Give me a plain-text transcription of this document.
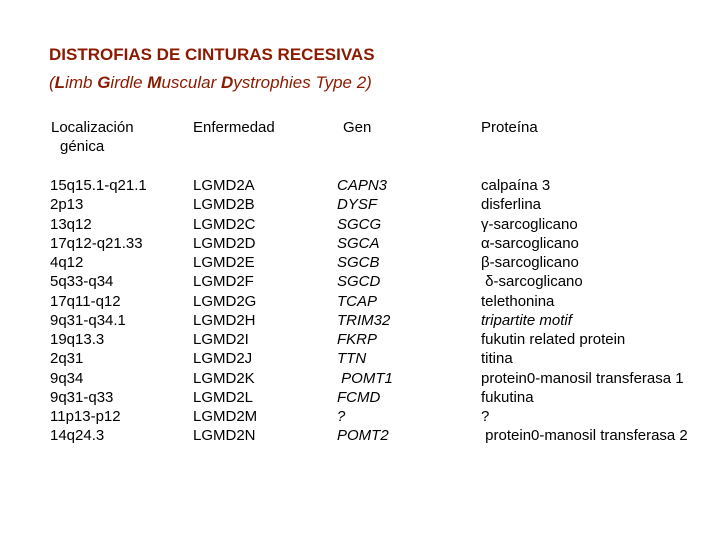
DISTROFIAS DE CINTURAS RECESIVAS
(Limb Girdle Muscular Dystrophies Type 2)
Localización
génica
Enfermedad	Gen	Proteína
15q15.1-q21.1
2p13
13q12
17q12-q21.33
4q12
5q33-q34
17q11-q12
9q31-q34.1
19q13.3
2q31
9q34
9q31-q33
11p13-p12
14q24.3
LGMD2A
LGMD2B
LGMD2C
LGMD2D
LGMD2E
LGMD2F
LGMD2G
LGMD2H
LGMD2I
LGMD2J
LGMD2K
LGMD2L
LGMD2M
LGMD2N
CAPN3
DYSF
SGCG
SGCA
SGCB
SGCD
TCAP
TRIM32
FKRP
TTN
POMT1
FCMD
?
POMT2
calpaína 3
disferlina
γ-sarcoglicano
α-sarcoglicano
β-sarcoglicano
δ-sarcoglicano
telethonina
tripartite motif
fukutin related protein
titina
protein0-manosil transferasa 1
fukutina
?
protein0-manosil transferasa 2
